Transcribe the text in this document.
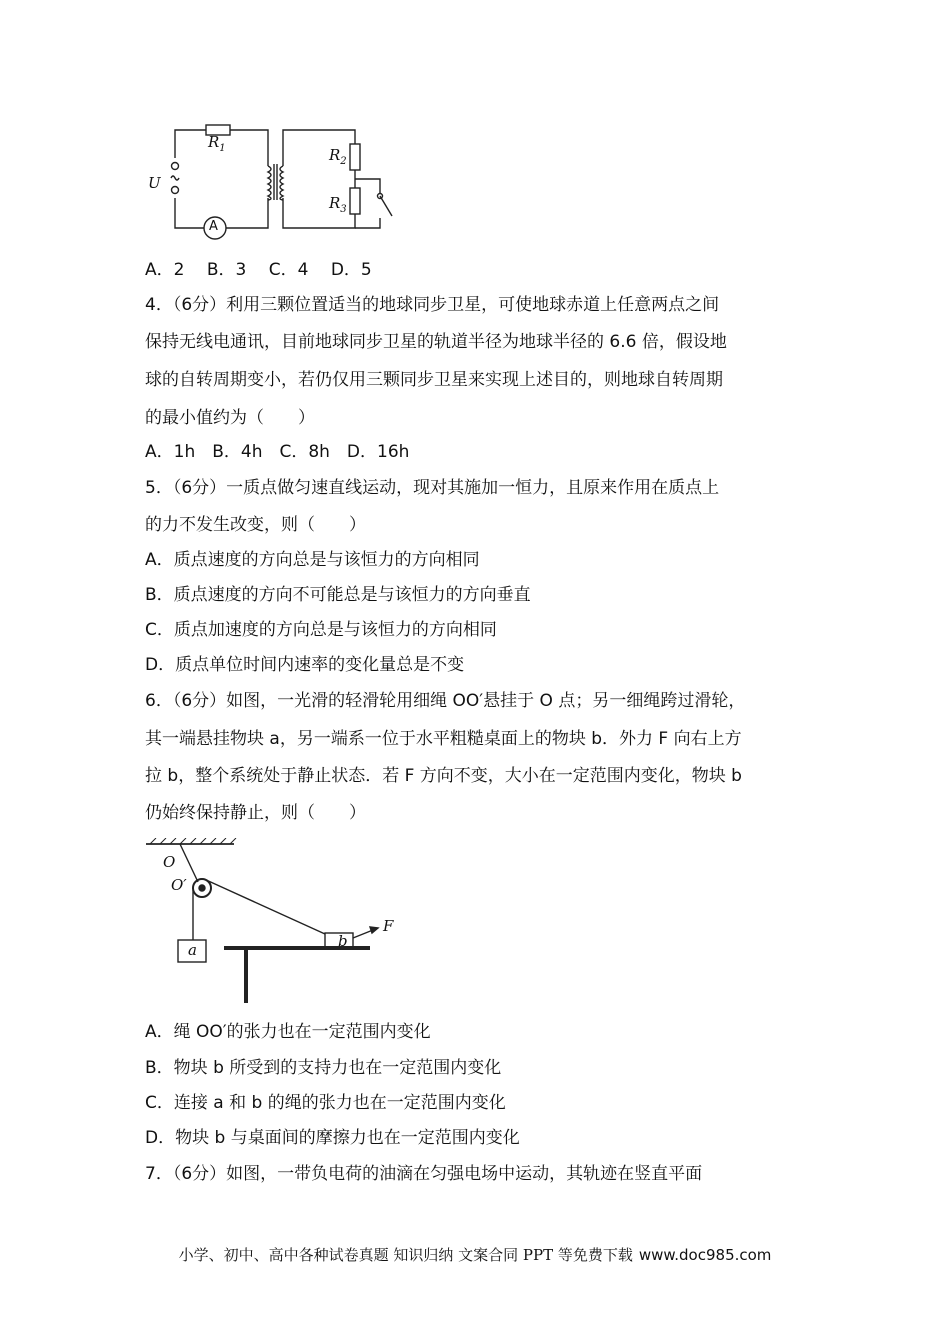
$R_1$	$R_2$
$R_3$
U
A
A．2　 B．3　 C．4　 D．5
4．（6分）利用三颗位置适当的地球同步卫星，可使地球赤道上任意两点之间
保持无线电通讯，目前地球同步卫星的轨道半径为地球半径的 6.6 倍，假设地
球的自转周期变小，若仍仅用三颗同步卫星来实现上述目的，则地球自转周期
的最小值约为（　　）
A．1h　B．4h　C．8h　D．16h
5．（6分）一质点做匀速直线运动，现对其施加一恒力，且原来作用在质点上
的力不发生改变，则（　　）
A．质点速度的方向总是与该恒力的方向相同
B．质点速度的方向不可能总是与该恒力的方向垂直
C．质点加速度的方向总是与该恒力的方向相同
D．质点单位时间内速率的变化量总是不变
6．（6分）如图，一光滑的轻滑轮用细绳 OO′悬挂于 O 点；另一细绳跨过滑轮，
其一端悬挂物块 a，另一端系一位于水平粗糙桌面上的物块 b．外力 F 向右上方
拉 b，整个系统处于静止状态．若 F 方向不变，大小在一定范围内变化，物块 b
仍始终保持静止，则（　　）
O
O′
a	b
F
A．绳 OO′的张力也在一定范围内变化
B．物块 b 所受到的支持力也在一定范围内变化
C．连接 a 和 b 的绳的张力也在一定范围内变化
D．物块 b 与桌面间的摩擦力也在一定范围内变化
7．（6分）如图，一带负电荷的油滴在匀强电场中运动，其轨迹在竖直平面
小学、初中、高中各种试卷真题 知识归纳 文案合同 PPT 等免费下载 www.doc985.com
